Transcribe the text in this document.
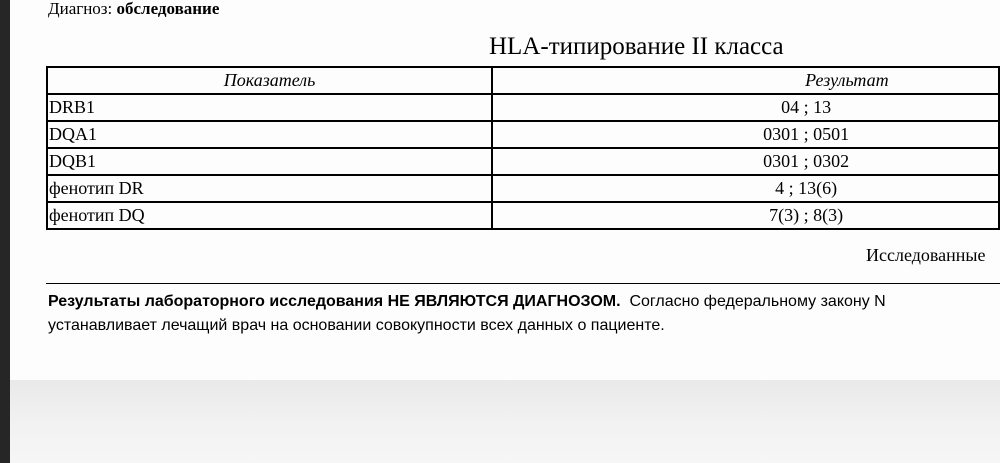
Диагноз: обследование
HLA-типирование II класса
Показатель	Результат
DRB1	04 ; 13
DQA1	0301 ; 0501
DQB1	0301 ; 0302
фенотип DR	4 ; 13(6)
фенотип DQ	7(3) ; 8(3)
Исследованные
Результаты лабораторного исследования НЕ ЯВЛЯЮТСЯ ДИАГНОЗОМ. Согласно федеральному закону N
устанавливает лечащий врач на основании совокупности всех данных о пациенте.
